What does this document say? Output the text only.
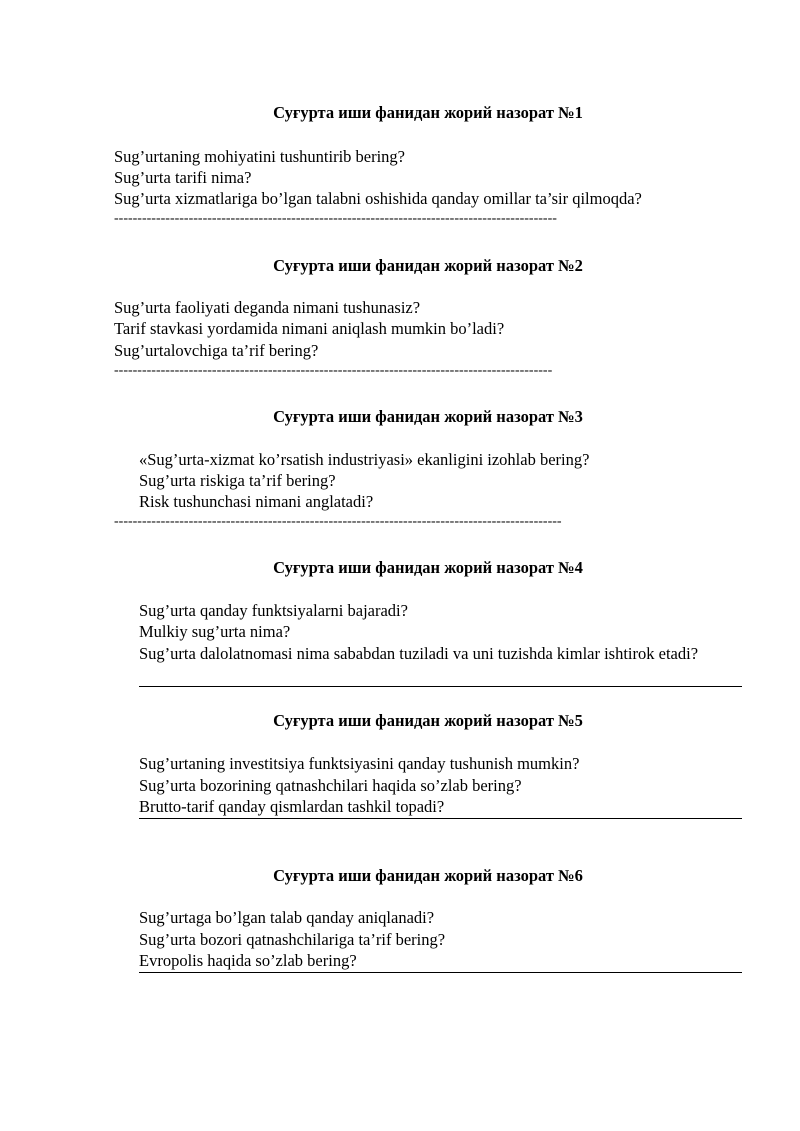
Суғурта иши фанидан жорий назорат №1
Sug’urtaning mohiyatini tushuntirib bering?
Sug’urta tarifi nima?
Sug’urta xizmatlariga bo’lgan talabni oshishida qanday omillar ta’sir qilmoqda?
-----------------------------------------------------------------------------------------------
Суғурта иши фанидан жорий назорат №2
Sug’urta faoliyati deganda nimani tushunasiz?
Tarif stavkasi yordamida nimani aniqlash mumkin bo’ladi?
Sug’urtalovchiga ta’rif bering?
----------------------------------------------------------------------------------------------
Суғурта иши фанидан жорий назорат №3
«Sug’urta-xizmat ko’rsatish industriyasi» ekanligini izohlab bering?
Sug’urta riskiga ta’rif bering?
Risk tushunchasi nimani anglatadi?
------------------------------------------------------------------------------------------------
Суғурта иши фанидан жорий назорат №4
Sug’urta qanday funktsiyalarni bajaradi?
Mulkiy sug’urta nima?
Sug’urta dalolatnomasi nima sababdan tuziladi va uni tuzishda kimlar ishtirok etadi?
Суғурта иши фанидан жорий назорат №5
Sug’urtaning investitsiya funktsiyasini qanday tushunish mumkin?
Sug’urta bozorining qatnashchilari haqida so’zlab bering?
Brutto-tarif qanday qismlardan tashkil topadi?
Суғурта иши фанидан жорий назорат №6
Sug’urtaga bo’lgan talab qanday aniqlanadi?
Sug’urta bozori qatnashchilariga ta’rif bering?
Evropolis haqida so’zlab bering?
